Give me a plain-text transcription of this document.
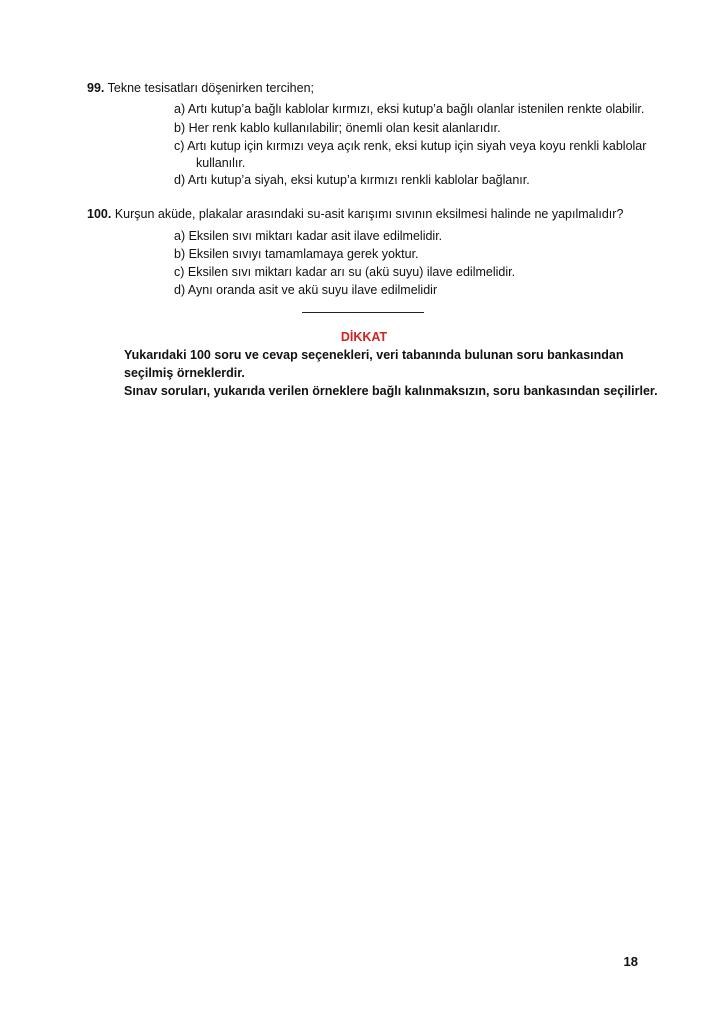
99. Tekne tesisatları döşenirken tercihen;
a) Artı kutup’a bağlı kablolar kırmızı, eksi kutup’a bağlı olanlar istenilen renkte olabilir.
b) Her renk kablo kullanılabilir; önemli olan kesit alanlarıdır.
c) Artı kutup için kırmızı veya açık renk, eksi kutup için siyah veya koyu renkli kablolar
kullanılır.
d) Artı kutup’a siyah, eksi kutup’a kırmızı renkli kablolar bağlanır.
100. Kurşun aküde, plakalar arasındaki su-asit karışımı sıvının eksilmesi halinde ne yapılmalıdır?
a) Eksilen sıvı miktarı kadar asit ilave edilmelidir.
b) Eksilen sıvıyı tamamlamaya gerek yoktur.
c) Eksilen sıvı miktarı kadar arı su (akü suyu) ilave edilmelidir.
d) Aynı oranda asit ve akü suyu ilave edilmelidir
DİKKAT
Yukarıdaki 100 soru ve cevap seçenekleri, veri tabanında bulunan soru bankasından
seçilmiş örneklerdir.
Sınav soruları, yukarıda verilen örneklere bağlı kalınmaksızın, soru bankasından seçilirler.
18
